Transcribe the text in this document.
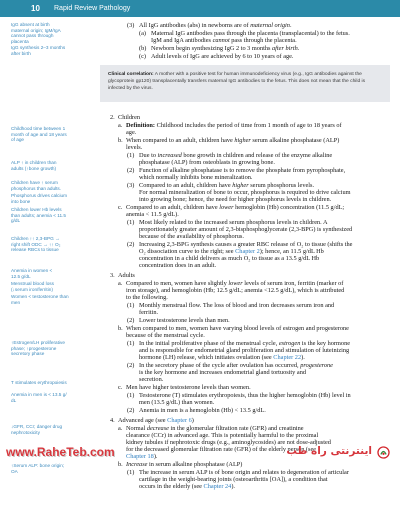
10 Rapid Review Pathology
IgG absent at birth
maternal origin; IgM/IgA
cannot pass through
placenta
IgG synthesis 2–3 months
after birth
Childhood time between 1
month of age and 18 years
of age
ALP ↑ in children than
adults (↑bone growth)
Children have ↑ serum
phosphorus than adults.
Phosphorus drives calcium
into bone
Children lower Hb levels
than adults; anemia < 11.5
g/dL
Children ↑↑ 2,3-BPG →
right shift ODC → ↑↑ O₂
release RBCs to tissue
Anemia in women <
12.5 g/dL
Menstrual blood loss
(↓serum iron/ferritin)
Women < testosterone than
men
↑Estrogen/LH proliferative
phase; ↑progesterone
secretory phase
T stimulates erythropoiesis
Anemia in men is < 13.5 g/
dL
↓GFR, CCr; danger drug
nephrotoxicity
↑Serum ALP: bone origin;
OA
(3) All IgG antibodies (abs) in newborns are of maternal origin.
(a) Maternal IgG antibodies pass through the placenta (transplacental) to the fetus.
IgM and IgA antibodies cannot pass through the placenta.
(b) Newborn begin synthesizing IgG 2 to 3 months after birth.
(c) Adult levels of IgG are achieved by 6 to 10 years of age.
Clinical correlation: A mother with a positive test for human immunodeficiency virus (e.g., IgG antibodies against the
glycoprotein gp120) transplacentally transfers maternal IgG antibodies to the fetus. This does not mean that the child is
infected by the virus.
2. Children
a. Definition: Childhood includes the period of time from 1 month of age to 18 years of
age.
b. When compared to an adult, children have higher serum alkaline phosphatase (ALP)
levels.
(1) Due to increased bone growth in children and release of the enzyme alkaline
phosphatase (ALP) from osteoblasts in growing bone.
(2) Function of alkaline phosphatase is to remove the phosphate from pyrophosphate,
which normally inhibits bone mineralization.
(3) Compared to an adult, children have higher serum phosphorus levels.
For normal mineralization of bone to occur, phosphorus is required to drive calcium
into growing bone; hence, the need for higher phosphorus levels in children.
c. Compared to an adult, children have lower hemoglobin (Hb) concentration (11.5 g/dL;
anemia < 11.5 g/dL).
(1) Most likely related to the increased serum phosphorus levels in children. A
proportionately greater amount of 2,3-bisphosphoglycerate (2,3-BPG) is synthesized
because of the availability of phosphorus.
(2) Increasing 2,3-BPG synthesis causes a greater RBC release of O₂ to tissue (shifts the
O₂ dissociation curve to the right; see Chapter 2); hence, an 11.5 g/dL Hb
concentration in a child delivers as much O₂ to tissue as a 13.5 g/dL Hb
concentration does in an adult.
3. Adults
a. Compared to men, women have slightly lower levels of serum iron, ferritin (marker of
iron storage), and hemoglobin (Hb; 12.5 g/dL; anemia <12.5 g/dL), which is attributed
to the following.
(1) Monthly menstrual flow. The loss of blood and iron decreases serum iron and
ferritin.
(2) Lower testosterone levels than men.
b. When compared to men, women have varying blood levels of estrogen and progesterone
because of the menstrual cycle.
(1) In the initial proliferative phase of the menstrual cycle, estrogen is the key hormone
and is responsible for endometrial gland proliferation and stimulation of luteinizing
hormone (LH) release, which initiates ovulation (see Chapter 22).
(2) In the secretory phase of the cycle after ovulation has occurred, progesterone
is the key hormone and increases endometrial gland tortuosity and
secretion.
c. Men have higher testosterone levels than women.
(1) Testosterone (T) stimulates erythropoiesis, thus the higher hemoglobin (Hb) level in
men (13.5 g/dL) than women.
(2) Anemia in men is a hemoglobin (Hb) < 13.5 g/dL.
4. Advanced age (see Chapter 6)
a. Normal decrease in the glomerular filtration rate (GFR) and creatinine
clearance (CCr) in advanced age. This is potentially harmful to the proximal
kidney tubules if nephrotoxic drugs (e.g., aminoglycosides) are not dose-adjusted
for the decreased glomerular filtration rate (GFR) of the elderly person (see
Chapter 18).
b. Increase in serum alkaline phosphatase (ALP)
(1) The increase in serum ALP is of bone origin and relates to degeneration of articular
cartilage in the weight-bearing joints (osteoarthritis [OA]), a condition that
occurs in the elderly (see Chapter 24).
www.RaheTeb.com	اینترنتی راه طب
